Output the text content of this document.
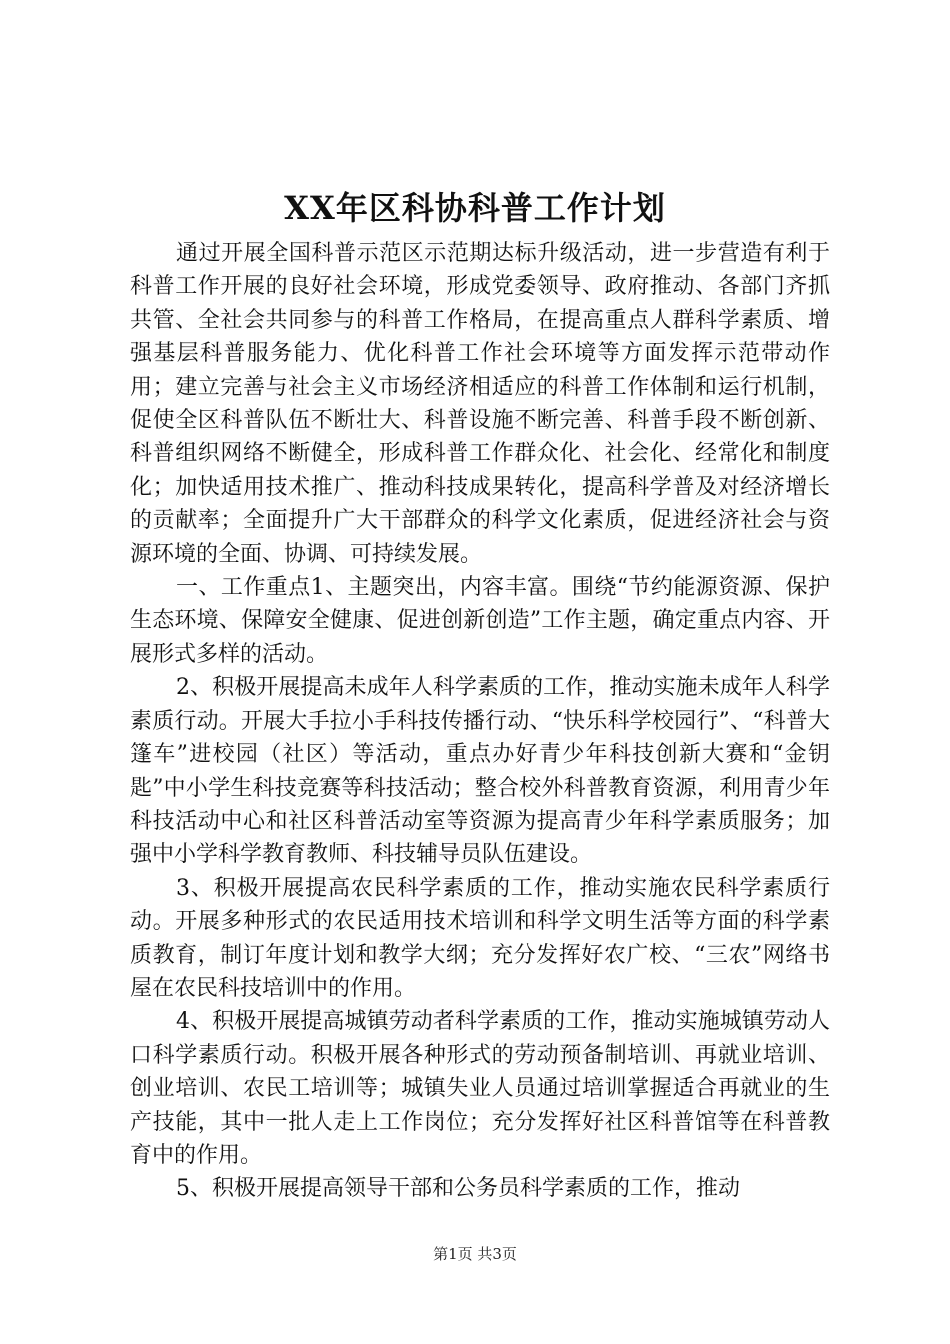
XX年区科协科普工作计划

通过开展全国科普示范区示范期达标升级活动，进一步营造有利于科普工作开展的良好社会环境，形成党委领导、政府推动、各部门齐抓共管、全社会共同参与的科普工作格局，在提高重点人群科学素质、增强基层科普服务能力、优化科普工作社会环境等方面发挥示范带动作用；建立完善与社会主义市场经济相适应的科普工作体制和运行机制，促使全区科普队伍不断壮大、科普设施不断完善、科普手段不断创新、科普组织网络不断健全，形成科普工作群众化、社会化、经常化和制度化；加快适用技术推广、推动科技成果转化，提高科学普及对经济增长的贡献率；全面提升广大干部群众的科学文化素质，促进经济社会与资源环境的全面、协调、可持续发展。

一、工作重点1、主题突出，内容丰富。围绕“节约能源资源、保护生态环境、保障安全健康、促进创新创造”工作主题，确定重点内容、开展形式多样的活动。

2、积极开展提高未成年人科学素质的工作，推动实施未成年人科学素质行动。开展大手拉小手科技传播行动、“快乐科学校园行”、“科普大篷车”进校园（社区）等活动，重点办好青少年科技创新大赛和“金钥匙”中小学生科技竞赛等科技活动；整合校外科普教育资源，利用青少年科技活动中心和社区科普活动室等资源为提高青少年科学素质服务；加强中小学科学教育教师、科技辅导员队伍建设。

3、积极开展提高农民科学素质的工作，推动实施农民科学素质行动。开展多种形式的农民适用技术培训和科学文明生活等方面的科学素质教育，制订年度计划和教学大纲；充分发挥好农广校、“三农”网络书屋在农民科技培训中的作用。

4、积极开展提高城镇劳动者科学素质的工作，推动实施城镇劳动人口科学素质行动。积极开展各种形式的劳动预备制培训、再就业培训、创业培训、农民工培训等；城镇失业人员通过培训掌握适合再就业的生产技能，其中一批人走上工作岗位；充分发挥好社区科普馆等在科普教育中的作用。

5、积极开展提高领导干部和公务员科学素质的工作，推动

第1页 共3页
